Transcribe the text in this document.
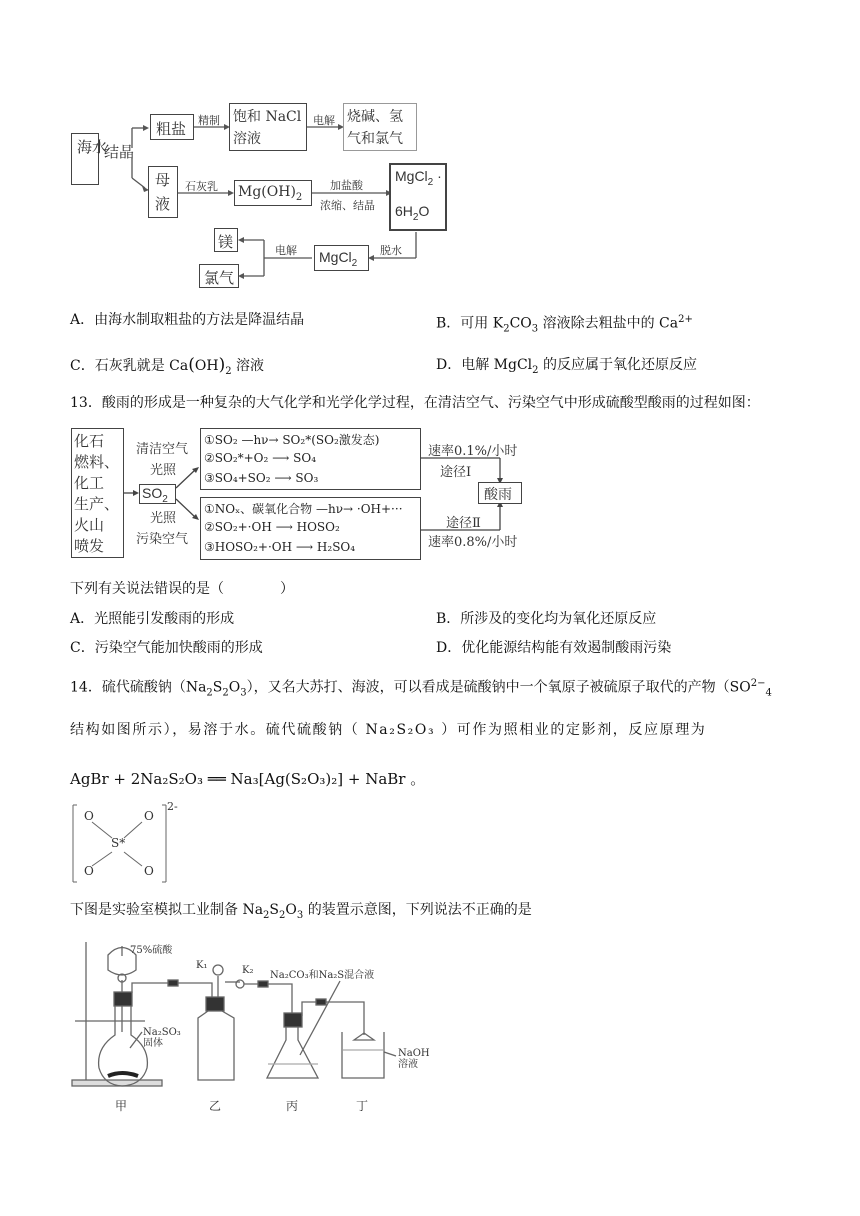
海水
结晶
粗盐 精制 饱和 NaCl
溶液
电解 烧碱、氢
气和氯气
母
液
石灰乳 $Mg(OH)_2$
加盐酸
浓缩、结晶
MgCl$_2$ ·
$6H_2O$
脱水
MgCl$_2$
电解
镁
氯气
A．由海水制取粗盐的方法是降温结晶	B．可用 $K_2CO_3$ 溶液除去粗盐中的 $Ca^{2+}$
C．石灰乳就是 $Ca(OH)_2$ 溶液	D．电解 MgCl$_2$ 的反应属于氧化还原反应
13．酸雨的形成是一种复杂的大气化学和光学化学过程，在清洁空气、污染空气中形成硫酸型酸雨的过程如图：
化石
燃料、
化工
生产、
火山
喷发
$SO_2$
光照
光照
清洁空气
污染空气
①SO₂ —hν→ SO₂*(SO₂激发态)
②SO₂*+O₂ ⟶ SO₄
③SO₄+SO₂ ⟶ SO₃
①NOₓ、碳氧化合物 —hν→ ·OH+···
②SO₂+·OH ⟶ HOSO₂
③HOSO₂+·OH ⟶ H₂SO₄
速率0.1%/小时
途径Ⅰ
酸雨
途径Ⅱ
速率0.8%/小时
下列有关说法错误的是（　　　　）
A．光照能引发酸雨的形成	B．所涉及的变化均为氧化还原反应
C．污染空气能加快酸雨的形成	D．优化能源结构能有效遏制酸雨污染
14．硫代硫酸钠$(Na_2S_2O_3)$，又名大苏打、海波，可以看成是硫酸钠中一个氧原子被硫原子取代的产物（$SO^{2-}_4$
结构如图所示），易溶于水。硫代硫酸钠（ Na₂S₂O₃ ）可作为照相业的定影剂，反应原理为
AgBr + 2Na₂S₂O₃ ══ Na₃[Ag(S₂O₃)₂] + NaBr 。
O	O
O	O
S*
2-
下图是实验室模拟工业制备 $Na_2S_2O_3$ 的装置示意图，下列说法不正确的是
75%硫酸
K₁	K₂ Na₂CO₃和Na₂S混合液
Na₂SO₃
固体
NaOH
溶液
甲	乙	丙	丁
